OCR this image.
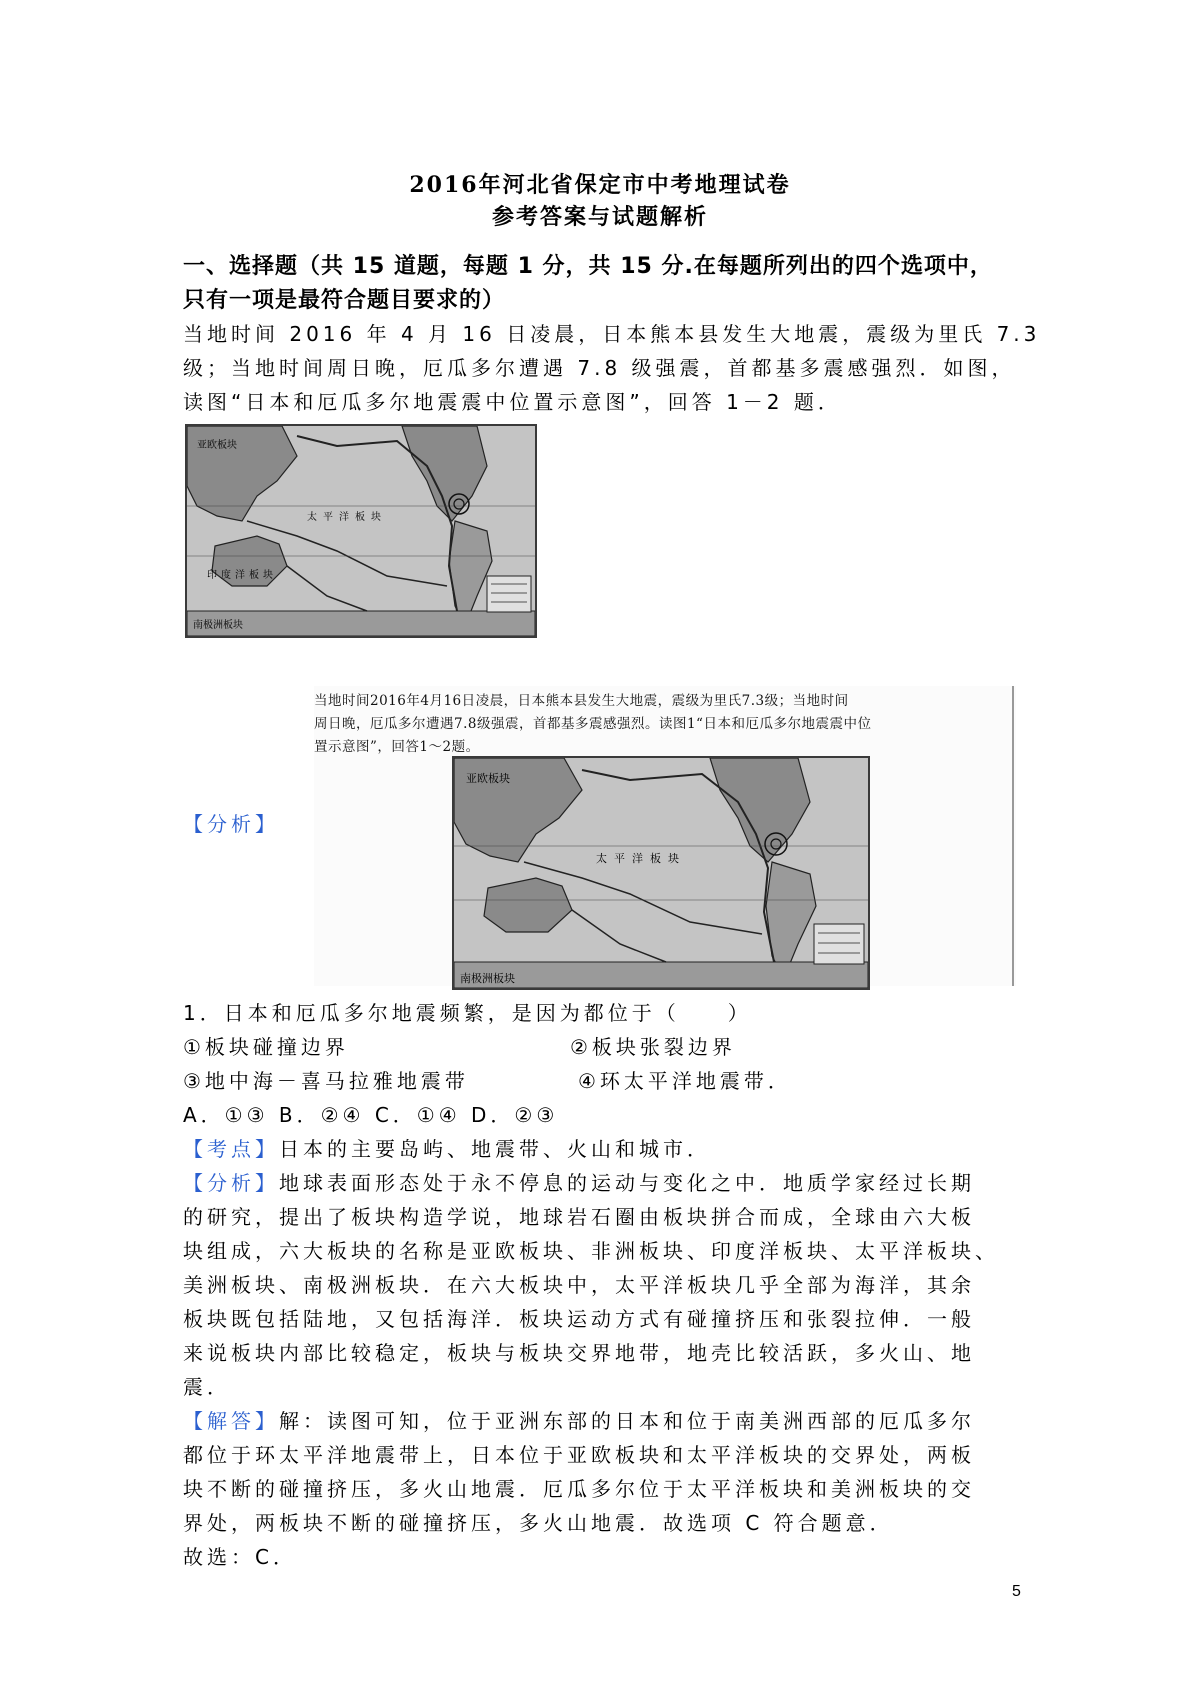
2016年河北省保定市中考地理试卷
参考答案与试题解析
一、选择题（共 15 道题，每题 1 分，共 15 分.在每题所列出的四个选项中，
只有一项是最符合题目要求的）
当地时间 2016 年 4 月 16 日凌晨，日本熊本县发生大地震，震级为里氏 7.3
级；当地时间周日晚，厄瓜多尔遭遇 7.8 级强震，首都基多震感强烈．如图，
读图“日本和厄瓜多尔地震震中位置示意图”，回答 1－2 题．
亚欧板块
太平洋板块
印度洋板块
南极洲板块
当地时间2016年4月16日凌晨，日本熊本县发生大地震，震级为里氏7.3级；当地时间
周日晚，厄瓜多尔遭遇7.8级强震，首都基多震感强烈。读图1“日本和厄瓜多尔地震震中位
置示意图”，回答1～2题。
亚欧板块
太平洋板块
南极洲板块
【分析】
1．日本和厄瓜多尔地震频繁，是因为都位于（　　）
①板块碰撞边界	②板块张裂边界
③地中海－喜马拉雅地震带	④环太平洋地震带．
A．①③ B．②④ C．①④ D．②③
【考点】日本的主要岛屿、地震带、火山和城市．
【分析】地球表面形态处于永不停息的运动与变化之中．地质学家经过长期
的研究，提出了板块构造学说，地球岩石圈由板块拼合而成，全球由六大板
块组成，六大板块的名称是亚欧板块、非洲板块、印度洋板块、太平洋板块、
美洲板块、南极洲板块．在六大板块中，太平洋板块几乎全部为海洋，其余
板块既包括陆地，又包括海洋．板块运动方式有碰撞挤压和张裂拉伸．一般
来说板块内部比较稳定，板块与板块交界地带，地壳比较活跃，多火山、地
震．
【解答】解：读图可知，位于亚洲东部的日本和位于南美洲西部的厄瓜多尔
都位于环太平洋地震带上，日本位于亚欧板块和太平洋板块的交界处，两板
块不断的碰撞挤压，多火山地震．厄瓜多尔位于太平洋板块和美洲板块的交
界处，两板块不断的碰撞挤压，多火山地震．故选项 C 符合题意．
故选：C．
5
